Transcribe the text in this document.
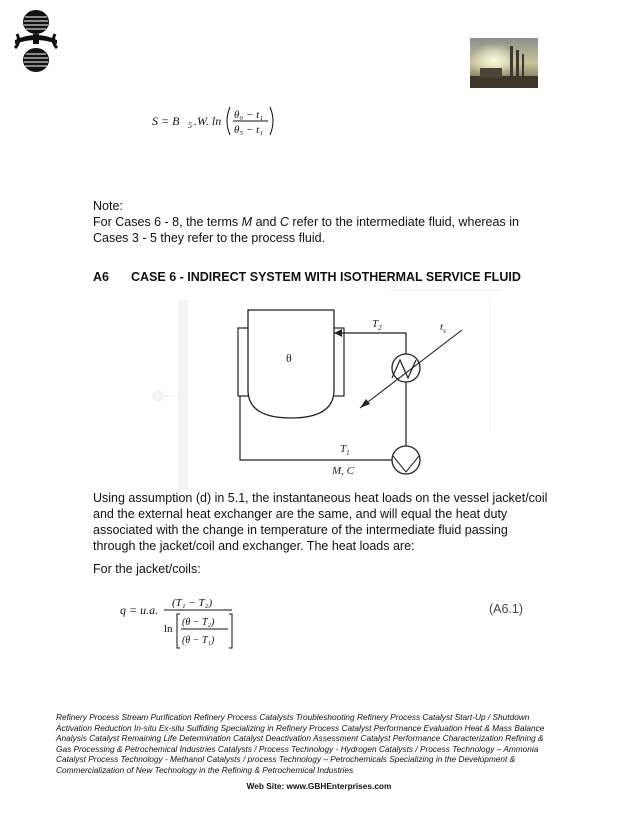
S = B 5 .W. ln θ₀ − t₁
θ₅ − t₁

Note:

For Cases 6 - 8, the terms M and C refer to the intermediate fluid, whereas in

Cases 3 - 5 they refer to the process fluid.

A6 CASE 6 - INDIRECT SYSTEM WITH ISOTHERMAL SERVICE FLUID
θ
$T_2$	$t_s$
$T_1$
M, C
Using assumption (d) in 5.1, the instantaneous heat loads on the vessel jacket/coil and the external heat exchanger are the same, and will equal the heat duty associated with the change in temperature of the intermediate fluid passing through the jacket/coil and exchanger. The heat loads are:
For the jacket/coils:
q = u.a. (T₁ − T₂)
ln
(θ − T₂)
(θ − T₁)
(A6.1)
Refinery Process Stream Purification Refinery Process Catalysts Troubleshooting Refinery Process Catalyst Start-Up / Shutdown Activation Reduction In-situ Ex-situ Sulfiding Specializing in Refinery Process Catalyst Performance Evaluation Heat & Mass Balance Analysis Catalyst Remaining Life Determination Catalyst Deactivation Assessment Catalyst Performance Characterization Refining & Gas Processing & Petrochemical Industries Catalysts / Process Technology - Hydrogen Catalysts / Process Technology – Ammonia Catalyst Process Technology - Methanol Catalysts / process Technology – Petrochemicals Specializing in the Development & Commercialization of New Technology in the Refining & Petrochemical Industries
Web Site: www.GBHEnterprises.com
